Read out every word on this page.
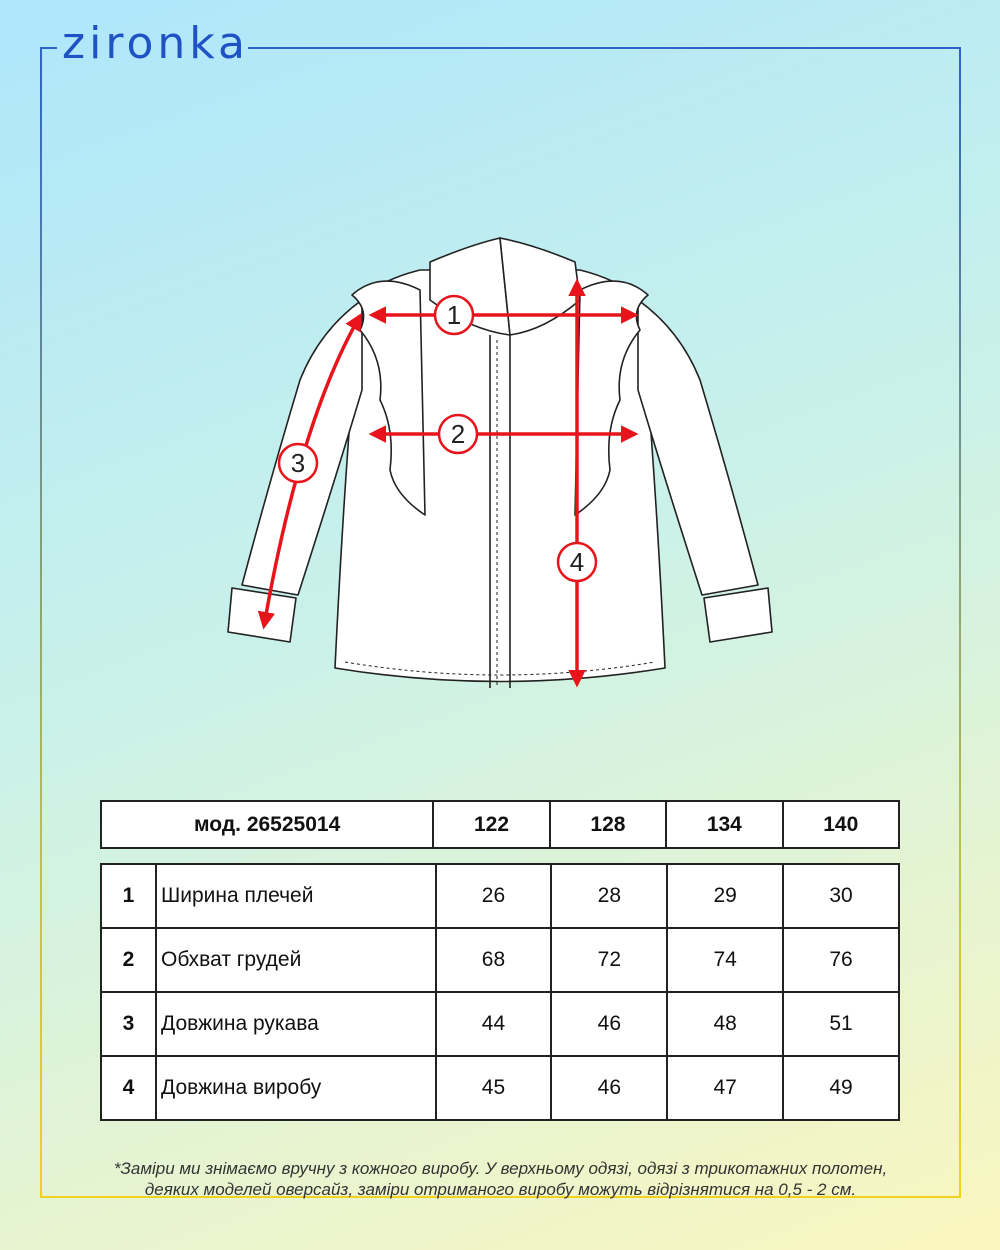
zironka
1
2
3
4
мод. 26525014	122	128	134	140
1	Ширина плечей	26	28	29	30
2	Обхват грудей	68	72	74	76
3	Довжина рукава	44	46	48	51
4	Довжина виробу	45	46	47	49
*Заміри ми знімаємо вручну з кожного виробу. У верхньому одязі, одязі з трикотажних полотен,
деяких моделей оверсайз, заміри отриманого виробу можуть відрізнятися на 0,5 - 2 см.
